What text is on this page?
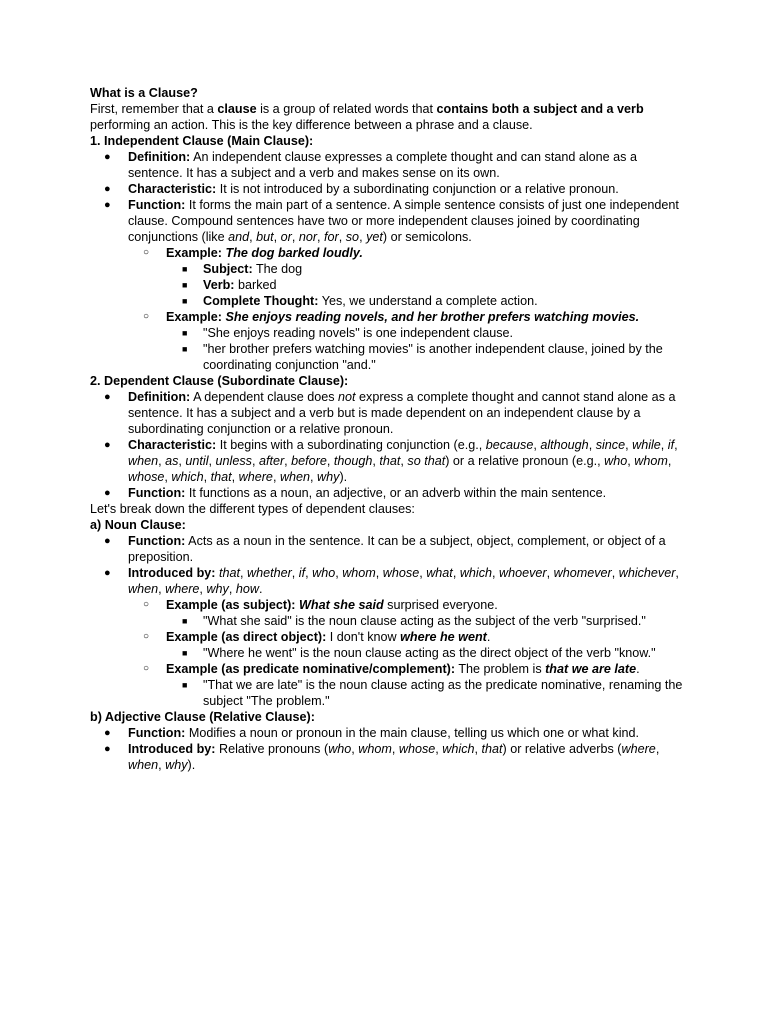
What is a Clause?

First, remember that a clause is a group of related words that contains both a subject and a verb performing an action. This is the key difference between a phrase and a clause.

1. Independent Clause (Main Clause):

● Definition: An independent clause expresses a complete thought and can stand alone as a sentence. It has a subject and a verb and makes sense on its own.
● Characteristic: It is not introduced by a subordinating conjunction or a relative pronoun.
● Function: It forms the main part of a sentence. A simple sentence consists of just one independent clause. Compound sentences have two or more independent clauses joined by coordinating conjunctions (like and, but, or, nor, for, so, yet) or semicolons.
○ Example: The dog barked loudly.
■ Subject: The dog
■ Verb: barked
■ Complete Thought: Yes, we understand a complete action.
○ Example: She enjoys reading novels, and her brother prefers watching movies.
■ "She enjoys reading novels" is one independent clause.
■ "her brother prefers watching movies" is another independent clause, joined by the coordinating conjunction "and."

2. Dependent Clause (Subordinate Clause):

● Definition: A dependent clause does not express a complete thought and cannot stand alone as a sentence. It has a subject and a verb but is made dependent on an independent clause by a subordinating conjunction or a relative pronoun.
● Characteristic: It begins with a subordinating conjunction (e.g., because, although, since, while, if, when, as, until, unless, after, before, though, that, so that) or a relative pronoun (e.g., who, whom, whose, which, that, where, when, why).
● Function: It functions as a noun, an adjective, or an adverb within the main sentence.

Let's break down the different types of dependent clauses:

a) Noun Clause:

● Function: Acts as a noun in the sentence. It can be a subject, object, complement, or object of a preposition.
● Introduced by: that, whether, if, who, whom, whose, what, which, whoever, whomever, whichever, when, where, why, how.
○ Example (as subject): What she said surprised everyone.
■ "What she said" is the noun clause acting as the subject of the verb "surprised."
○ Example (as direct object): I don't know where he went.
■ "Where he went" is the noun clause acting as the direct object of the verb "know."
○ Example (as predicate nominative/complement): The problem is that we are late.
■ "That we are late" is the noun clause acting as the predicate nominative, renaming the subject "The problem."

b) Adjective Clause (Relative Clause):

● Function: Modifies a noun or pronoun in the main clause, telling us which one or what kind.
● Introduced by: Relative pronouns (who, whom, whose, which, that) or relative adverbs (where, when, why).
